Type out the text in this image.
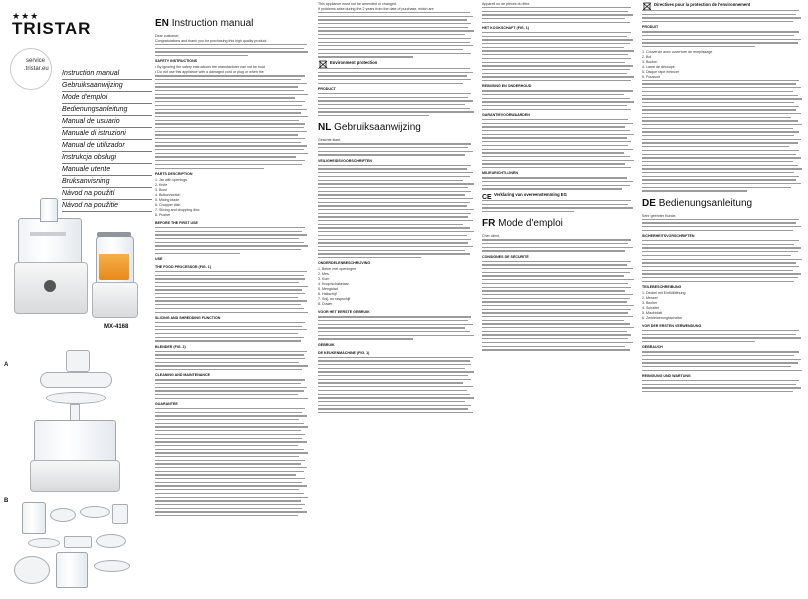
★★★
TRISTAR
service
.tristar.eu
Instruction manual
Gebruiksaanwijzing
Mode d'emploi
Bedienungsanleitung
Manual de usuario
Manuale di istruzioni
Manual de utilizador
Instrukcja obsługi
Manuale utente
Bruksanvisning
Návod na použití
Návod na použitie
MX-4168
A
B
EN Instruction manual
Dear customer,
Congratulations and thank you for purchasing this high quality product.
SAFETY INSTRUCTIONS
• By ignoring the safety instructions the manufacturer can not be hold
• Do not use this appliance with a damaged cord or plug or when the
PARTS DESCRIPTION
1. Jar with openings
2. Knife
3. Bowl
4. Button/switch
5. Mixing blade
6. Chopper dish
7. Slicing and chopping disc
8. Pusher
BEFORE THE FIRST USE
USE
THE FOOD PROCESSOR (FIG. 1)
SLICING AND SHREDDING FUNCTION
BLENDER (FIG. 2)
CLEANING AND MAINTENANCE
GUARANTEE
This appliance must not be amended or changed.
If problems arise during the 2 years from the date of purchase, which are
Environment protection
PRODUCT
NL Gebruiksaanwijzing
Geachte klant,
VEILIGHEIDSVOORSCHRIFTEN
ONDERDELENBESCHRIJVING
1. Beker met openingen
2. Mes
3. Kom
4. Knop/schakelaar
5. Mengblad
6. Hakschijf
7. Snij- en raspschijf
8. Duwer
VOOR HET EERSTE GEBRUIK
GEBRUIK
DE KEUKENMACHINE (FIG. 1)
Appareil ou de pièces du filtre.
HET KOOKSCHAFT (FIG. 1)
REINIGING EN ONDERHOUD
GARANTIEVOORWAARDEN
MILIEURICHTLIJNEN
CE Verklaring van overeenstemming EG
FR Mode d'emploi
Cher client,
CONSIGNES DE SÉCURITÉ
Directives pour la protection de l'environnement
PRODUIT
1. Couvercle avec ouverture de remplissage
2. Bol
3. Bouton
4. Lame de découpe
5. Disque râpe émincer
6. Poussoir
DE Bedienungsanleitung
Sehr geehrter Kunde,
SICHERHEITSVORSCHRIFTEN
TEILEBESCHREIBUNG
1. Deckel mit Einfüllöffnung
2. Messer
3. Becher
4. Schalter
5. Mischblatt
6. Zerkleinerungsscheibe
VOR DER ERSTEN VERWENDUNG
GEBRAUCH
REINIGUNG UND WARTUNG
